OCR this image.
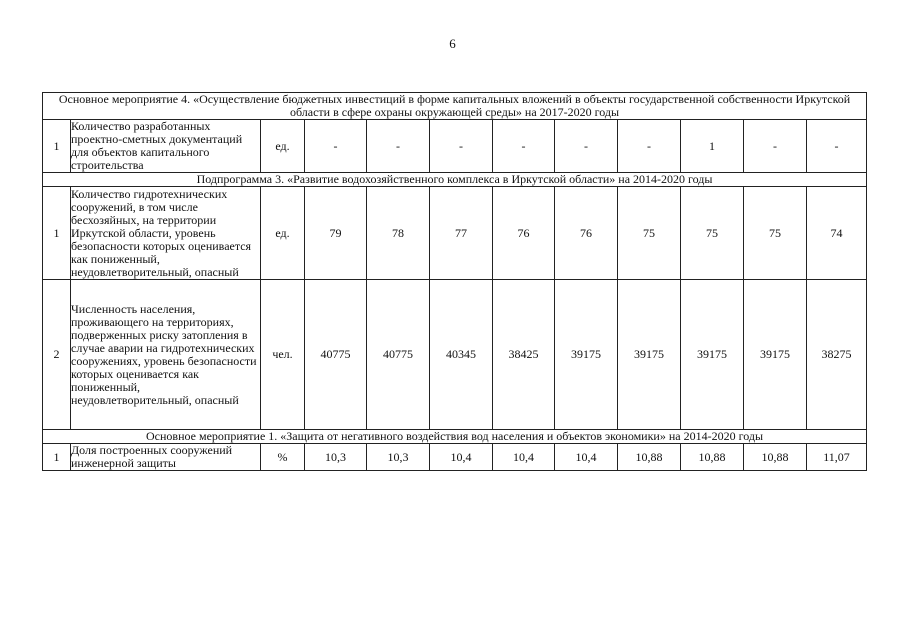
6
Основное мероприятие 4. «Осуществление бюджетных инвестиций в форме капитальных вложений в объекты государственной собственности Иркутской области в сфере охраны окружающей среды» на 2017-2020 годы											
1	Количество разработанных проектно-сметных документаций для объектов капитального строительства	ед.	-	-	-	-	-	-	1	-	-
Подпрограмма 3. «Развитие водохозяйственного комплекса в Иркутской области» на 2014-2020 годы											
1	Количество гидротехнических сооружений, в том числе бесхозяйных, на территории Иркутской области, уровень безопасности которых оценивается как пониженный, неудовлетворительный, опасный	ед.	79	78	77	76	76	75	75	75	74
2	Численность населения, проживающего на территориях, подверженных риску затопления в случае аварии на гидротехнических сооружениях, уровень безопасности которых оценивается как пониженный, неудовлетворительный, опасный	чел.	40775	40775	40345	38425	39175	39175	39175	39175	38275
Основное мероприятие 1. «Защита от негативного воздействия вод населения и объектов экономики» на 2014-2020 годы											
1	Доля построенных сооружений инженерной защиты	%	10,3	10,3	10,4	10,4	10,4	10,88	10,88	10,88	11,07
